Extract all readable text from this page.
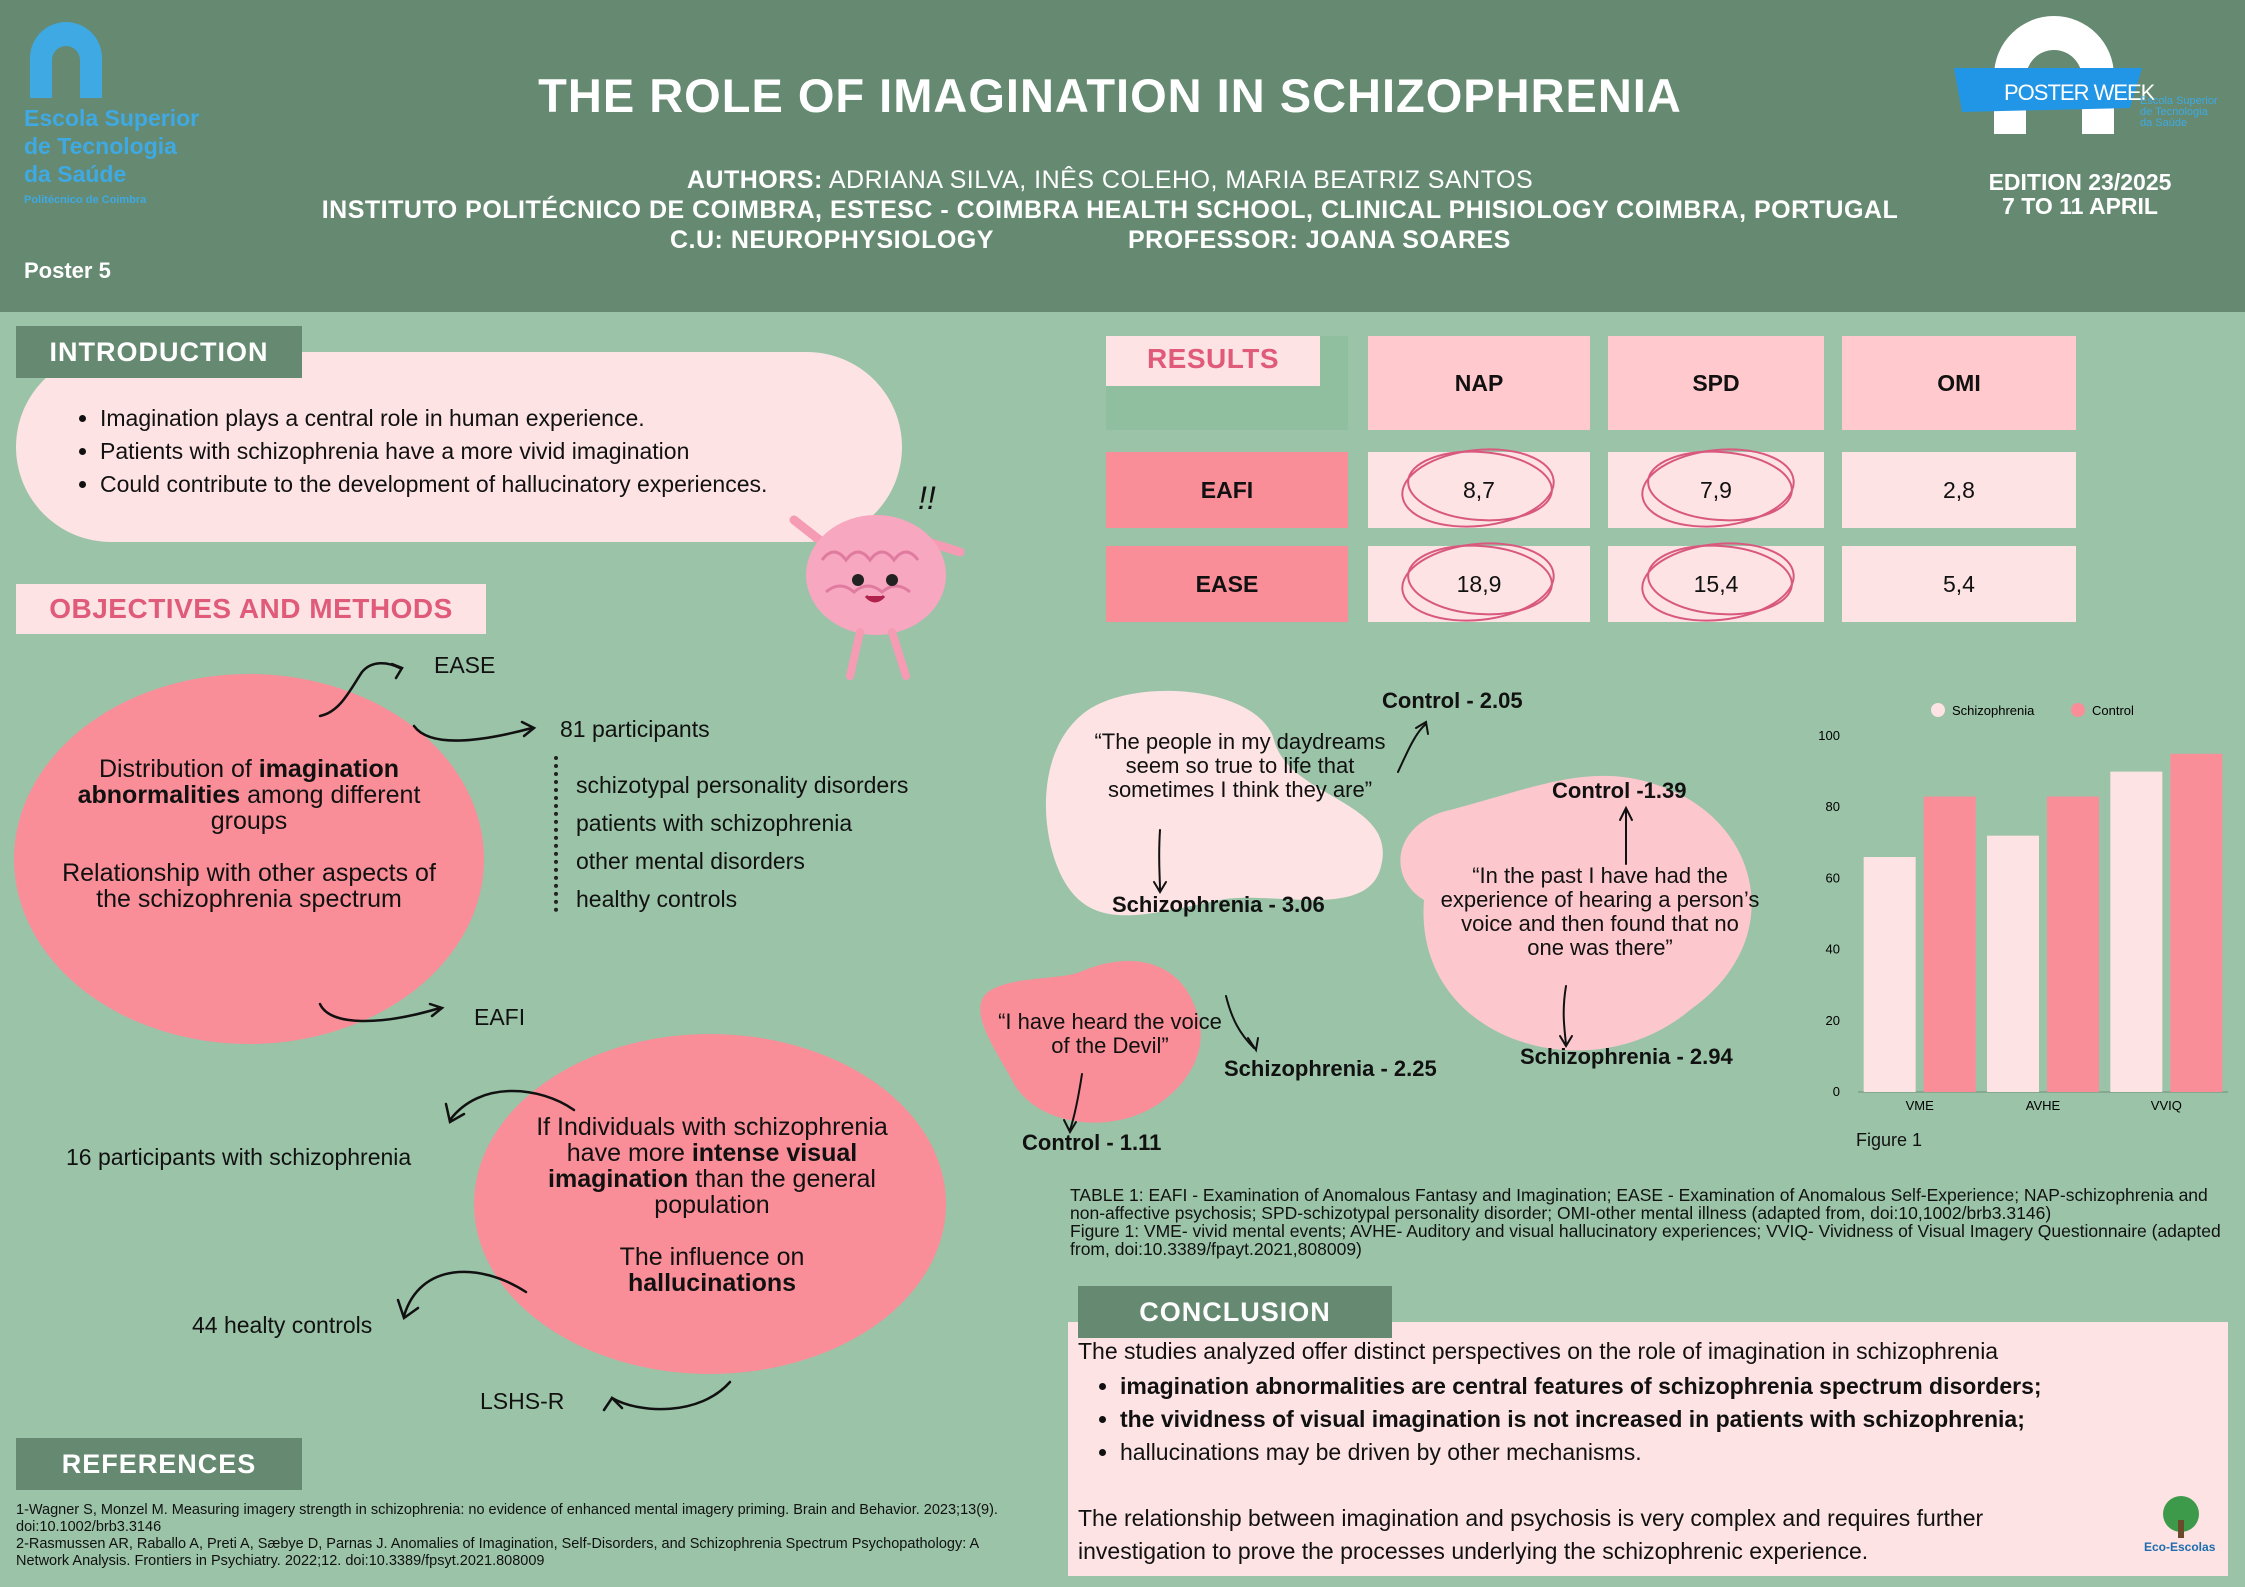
Escola Superior
de Tecnologia
da Saúde
Politécnico de Coimbra
Poster 5
THE ROLE OF IMAGINATION IN SCHIZOPHRENIA
AUTHORS: ADRIANA SILVA, INÊS COLEHO, MARIA BEATRIZ SANTOS
INSTITUTO POLITÉCNICO DE COIMBRA, ESTESC - COIMBRA HEALTH SCHOOL, CLINICAL PHISIOLOGY COIMBRA, PORTUGAL
C.U: NEUROPHYSIOLOGY	PROFESSOR: JOANA SOARES
POSTER WEEK
Escola Superior
de Tecnologia
da Saúde
EDITION 23/2025
7 TO 11 APRIL
INTRODUCTION
• Imagination plays a central role in human experience.
• Patients with schizophrenia have a more vivid imagination
• Could contribute to the development of hallucinatory experiences.	!!
OBJECTIVES AND METHODS
Distribution of imagination abnormalities among different groups
Relationship with other aspects of the schizophrenia spectrum
EASE
81 participants
schizotypal personality disorders
patients with schizophrenia
other mental disorders
healthy controls
EAFI
If Individuals with schizophrenia have more intense visual imagination than the general population
The influence on
hallucinations
16 participants with schizophrenia
44 healty controls
LSHS-R
REFERENCES
1-Wagner S, Monzel M. Measuring imagery strength in schizophrenia: no evidence of enhanced mental imagery priming. Brain and Behavior. 2023;13(9). doi:10.1002/brb3.3146
2-Rasmussen AR, Raballo A, Preti A, Sæbye D, Parnas J. Anomalies of Imagination, Self-Disorders, and Schizophrenia Spectrum Psychopathology: A Network Analysis. Frontiers in Psychiatry. 2022;12. doi:10.3389/fpsyt.2021.808009
RESULTS
NAP	SPD	OMI
EAFI	8,7	7,9	2,8
EASE	18,9	15,4	5,4
“The people in my daydreams seem so true to life that sometimes I think they are”
“In the past I have had the experience of hearing a person’s voice and then found that no one was there”
“I have heard the voice of the Devil”
Control - 2.05
Schizophrenia - 3.06
Control -1.39
Schizophrenia - 2.94
Schizophrenia - 2.25
Control - 1.11
Schizophrenia	Control
0
20
40
60
80
100
VME	AVHE	VVIQ
Figure 1
TABLE 1: EAFI - Examination of Anomalous Fantasy and Imagination; EASE - Examination of Anomalous Self-Experience; NAP-schizophrenia and non-affective psychosis; SPD-schizotypal personality disorder; OMI-other mental illness (adapted from, doi:10,1002/brb3.3146)
Figure 1: VME- vivid mental events; AVHE- Auditory and visual hallucinatory experiences; VVIQ- Vividness of Visual Imagery Questionnaire (adapted from, doi:10.3389/fpayt.2021,808009)
CONCLUSION
The studies analyzed offer distinct perspectives on the role of imagination in schizophrenia
• imagination abnormalities are central features of schizophrenia spectrum disorders;
• the vividness of visual imagination is not increased in patients with schizophrenia;
• hallucinations may be driven by other mechanisms.
The relationship between imagination and psychosis is very complex and requires further investigation to prove the processes underlying the schizophrenic experience.	Eco-Escolas
